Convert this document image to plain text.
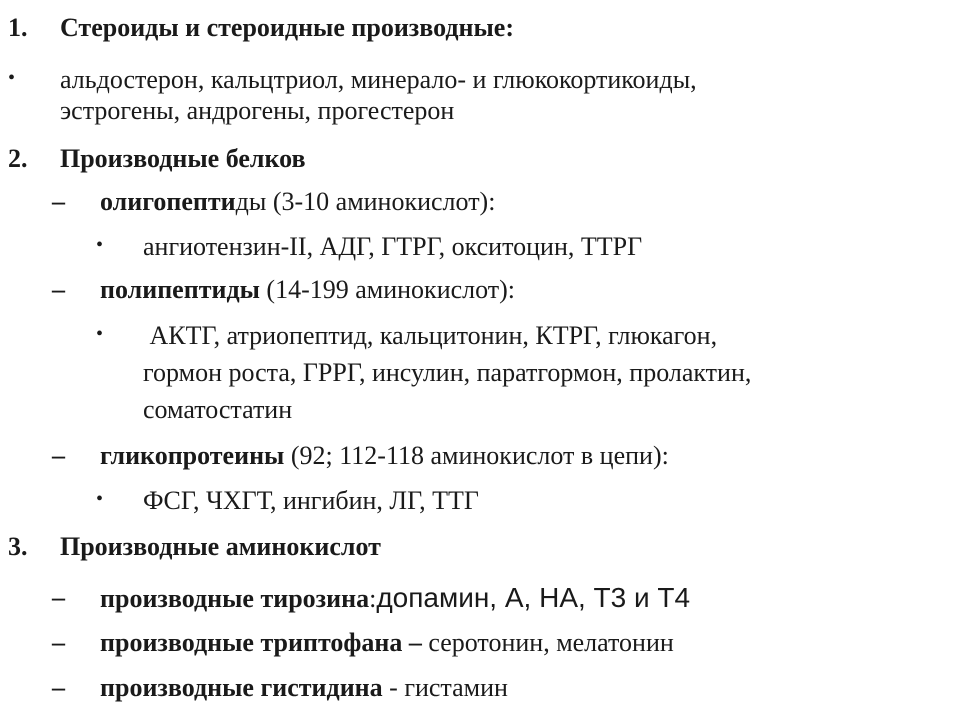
1. Стероиды и стероидные производные:
• альдостерон, кальцтриол, минерало- и глюкокортикоиды,
эстрогены, андрогены, прогестерон
2. Производные белков
– олигопептиды (3-10 аминокислот):
• ангиотензин-II, АДГ, ГТРГ, окситоцин, ТТРГ
– полипептиды (14-199 аминокислот):
• АКТГ, атриопептид, кальцитонин, КТРГ, глюкагон,
гормон роста, ГРРГ, инсулин, паратгормон, пролактин,
соматостатин
– гликопротеины (92; 112-118 аминокислот в цепи):
• ФСГ, ЧХГТ, ингибин, ЛГ, ТТГ
3. Производные аминокислот
– производные тирозина:допамин, А, НА, Т3 и Т4
– производные триптофана – серотонин, мелатонин
– производные гистидина - гистамин
